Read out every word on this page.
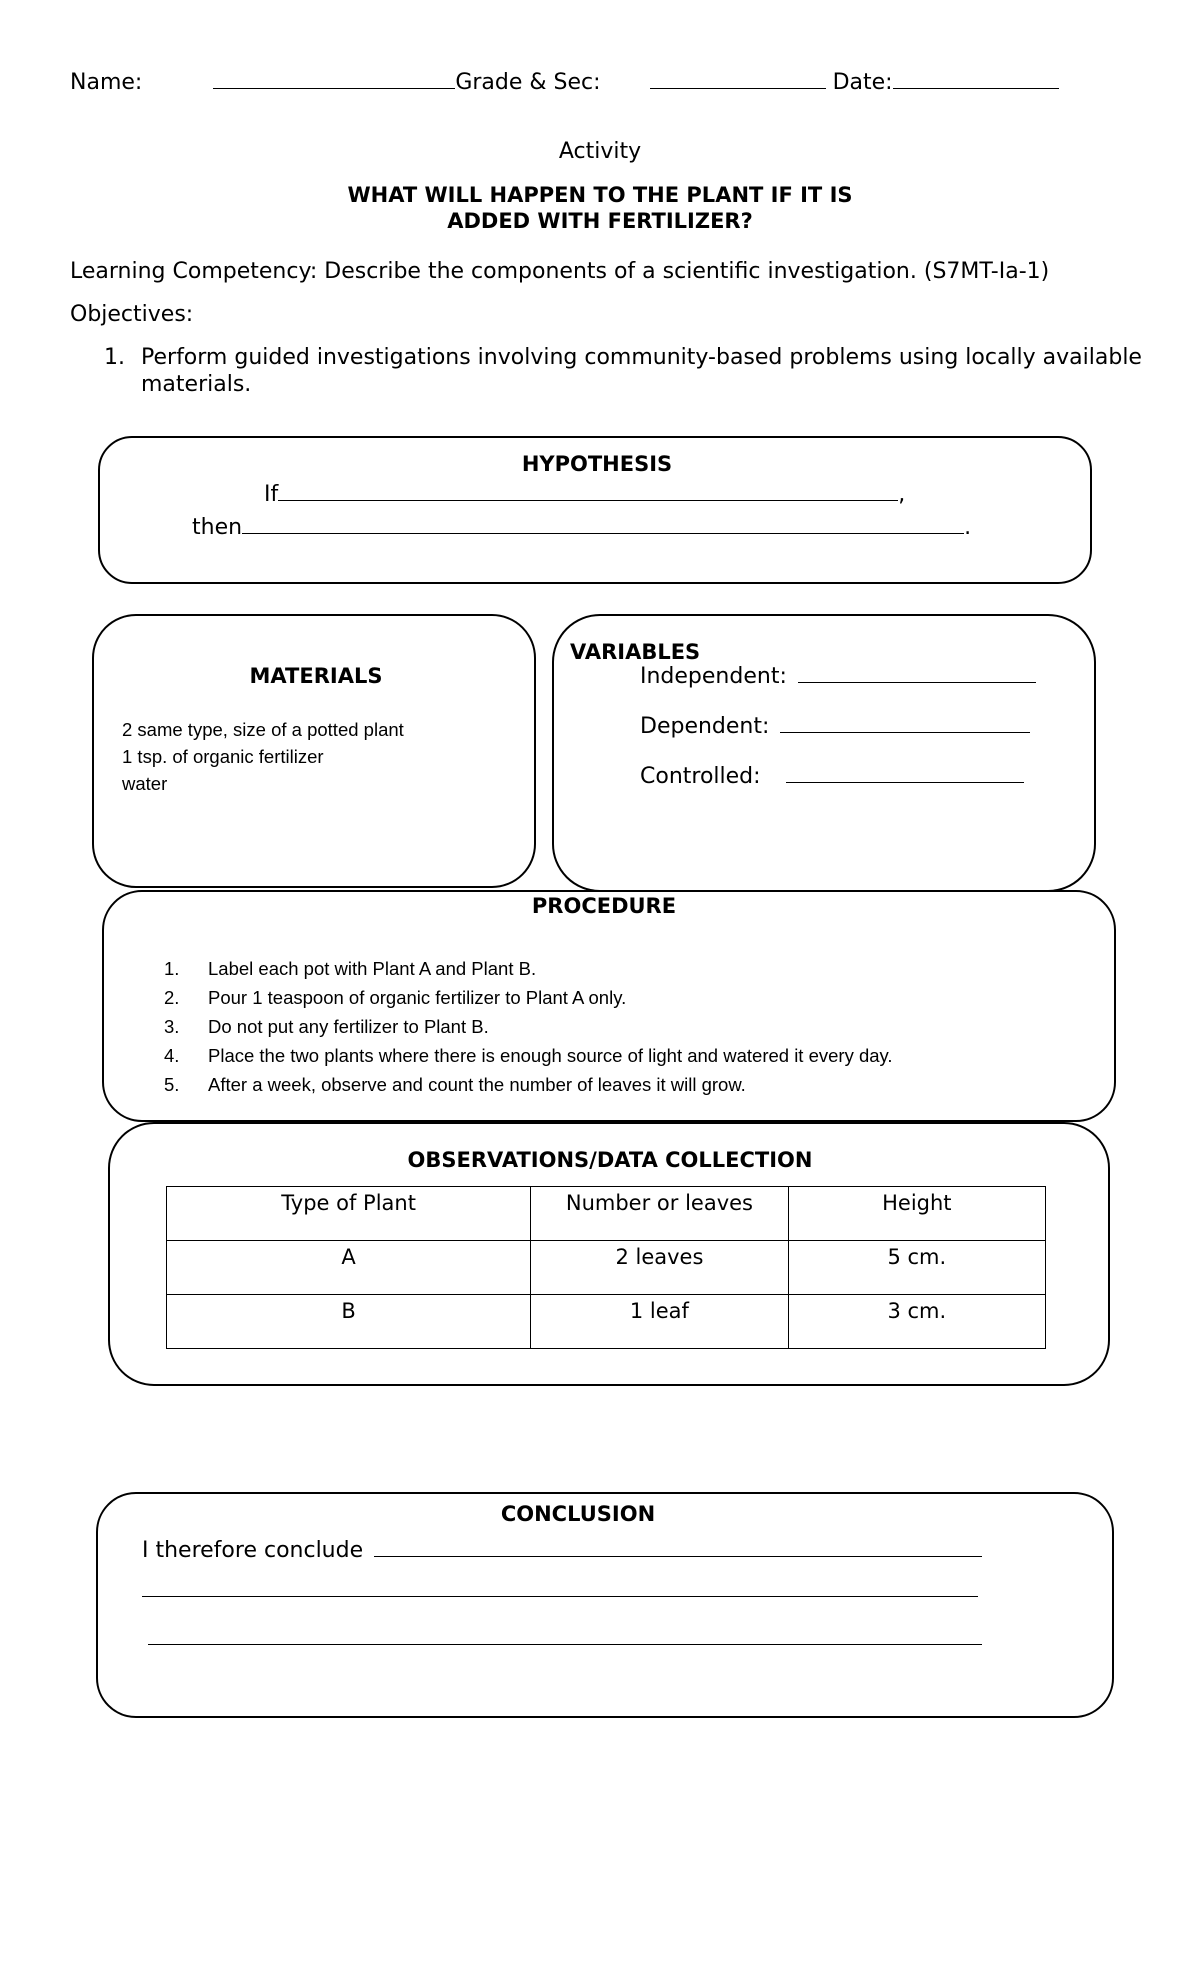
Name:	Grade & Sec:	Date:
Activity
WHAT WILL HAPPEN TO THE PLANT IF IT IS
ADDED WITH FERTILIZER?
Learning Competency: Describe the components of a scientific investigation. (S7MT-Ia-1)
Objectives:
1. Perform guided investigations involving community-based problems using locally available
materials.
HYPOTHESIS
If	,
then	.
MATERIALS
2 same type, size of a potted plant
1 tsp. of organic fertilizer
water
VARIABLES
Independent:
Dependent:
Controlled:
PROCEDURE
1. Label each pot with Plant A and Plant B.
2. Pour 1 teaspoon of organic fertilizer to Plant A only.
3. Do not put any fertilizer to Plant B.
4. Place the two plants where there is enough source of light and watered it every day.
5. After a week, observe and count the number of leaves it will grow.
OBSERVATIONS/DATA COLLECTION
Type of Plant	Number or leaves	Height
A	2 leaves	5 cm.
B	1 leaf	3 cm.
CONCLUSION
I therefore conclude
